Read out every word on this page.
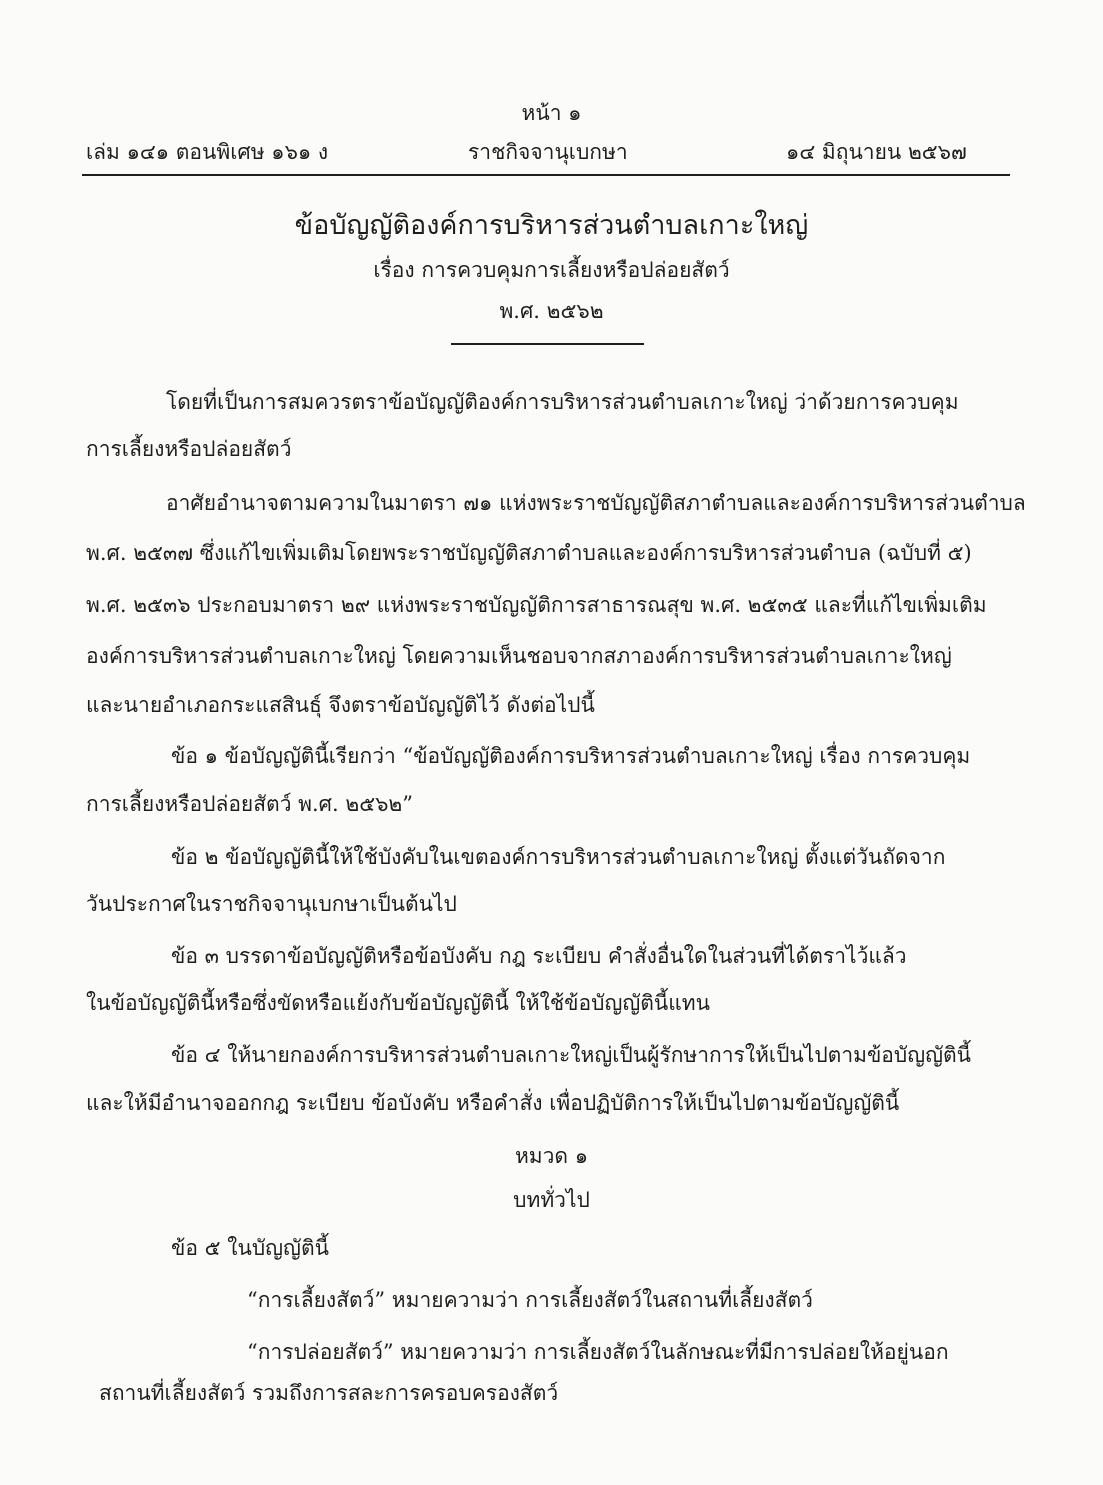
หน้า ๑
เล่ม ๑๔๑ ตอนพิเศษ ๑๖๑ ง	ราชกิจจานุเบกษา	๑๔ มิถุนายน ๒๕๖๗
ข้อบัญญัติองค์การบริหารส่วนตำบลเกาะใหญ่
เรื่อง การควบคุมการเลี้ยงหรือปล่อยสัตว์
พ.ศ. ๒๕๖๒
โดยที่เป็นการสมควรตราข้อบัญญัติองค์การบริหารส่วนตำบลเกาะใหญ่ ว่าด้วยการควบคุม
การเลี้ยงหรือปล่อยสัตว์
อาศัยอำนาจตามความในมาตรา ๗๑ แห่งพระราชบัญญัติสภาตำบลและองค์การบริหารส่วนตำบล
พ.ศ. ๒๕๓๗ ซึ่งแก้ไขเพิ่มเติมโดยพระราชบัญญัติสภาตำบลและองค์การบริหารส่วนตำบล (ฉบับที่ ๕)
พ.ศ. ๒๕๓๖ ประกอบมาตรา ๒๙ แห่งพระราชบัญญัติการสาธารณสุข พ.ศ. ๒๕๓๕ และที่แก้ไขเพิ่มเติม
องค์การบริหารส่วนตำบลเกาะใหญ่ โดยความเห็นชอบจากสภาองค์การบริหารส่วนตำบลเกาะใหญ่
และนายอำเภอกระแสสินธุ์ จึงตราข้อบัญญัติไว้ ดังต่อไปนี้
ข้อ ๑ ข้อบัญญัตินี้เรียกว่า “ข้อบัญญัติองค์การบริหารส่วนตำบลเกาะใหญ่ เรื่อง การควบคุม
การเลี้ยงหรือปล่อยสัตว์ พ.ศ. ๒๕๖๒”
ข้อ ๒ ข้อบัญญัตินี้ให้ใช้บังคับในเขตองค์การบริหารส่วนตำบลเกาะใหญ่ ตั้งแต่วันถัดจาก
วันประกาศในราชกิจจานุเบกษาเป็นต้นไป
ข้อ ๓ บรรดาข้อบัญญัติหรือข้อบังคับ กฎ ระเบียบ คำสั่งอื่นใดในส่วนที่ได้ตราไว้แล้ว
ในข้อบัญญัตินี้หรือซึ่งขัดหรือแย้งกับข้อบัญญัตินี้ ให้ใช้ข้อบัญญัตินี้แทน
ข้อ ๔ ให้นายกองค์การบริหารส่วนตำบลเกาะใหญ่เป็นผู้รักษาการให้เป็นไปตามข้อบัญญัตินี้
และให้มีอำนาจออกกฎ ระเบียบ ข้อบังคับ หรือคำสั่ง เพื่อปฏิบัติการให้เป็นไปตามข้อบัญญัตินี้
หมวด ๑
บททั่วไป
ข้อ ๕ ในบัญญัตินี้
“การเลี้ยงสัตว์” หมายความว่า การเลี้ยงสัตว์ในสถานที่เลี้ยงสัตว์
“การปล่อยสัตว์” หมายความว่า การเลี้ยงสัตว์ในลักษณะที่มีการปล่อยให้อยู่นอก
สถานที่เลี้ยงสัตว์ รวมถึงการสละการครอบครองสัตว์
